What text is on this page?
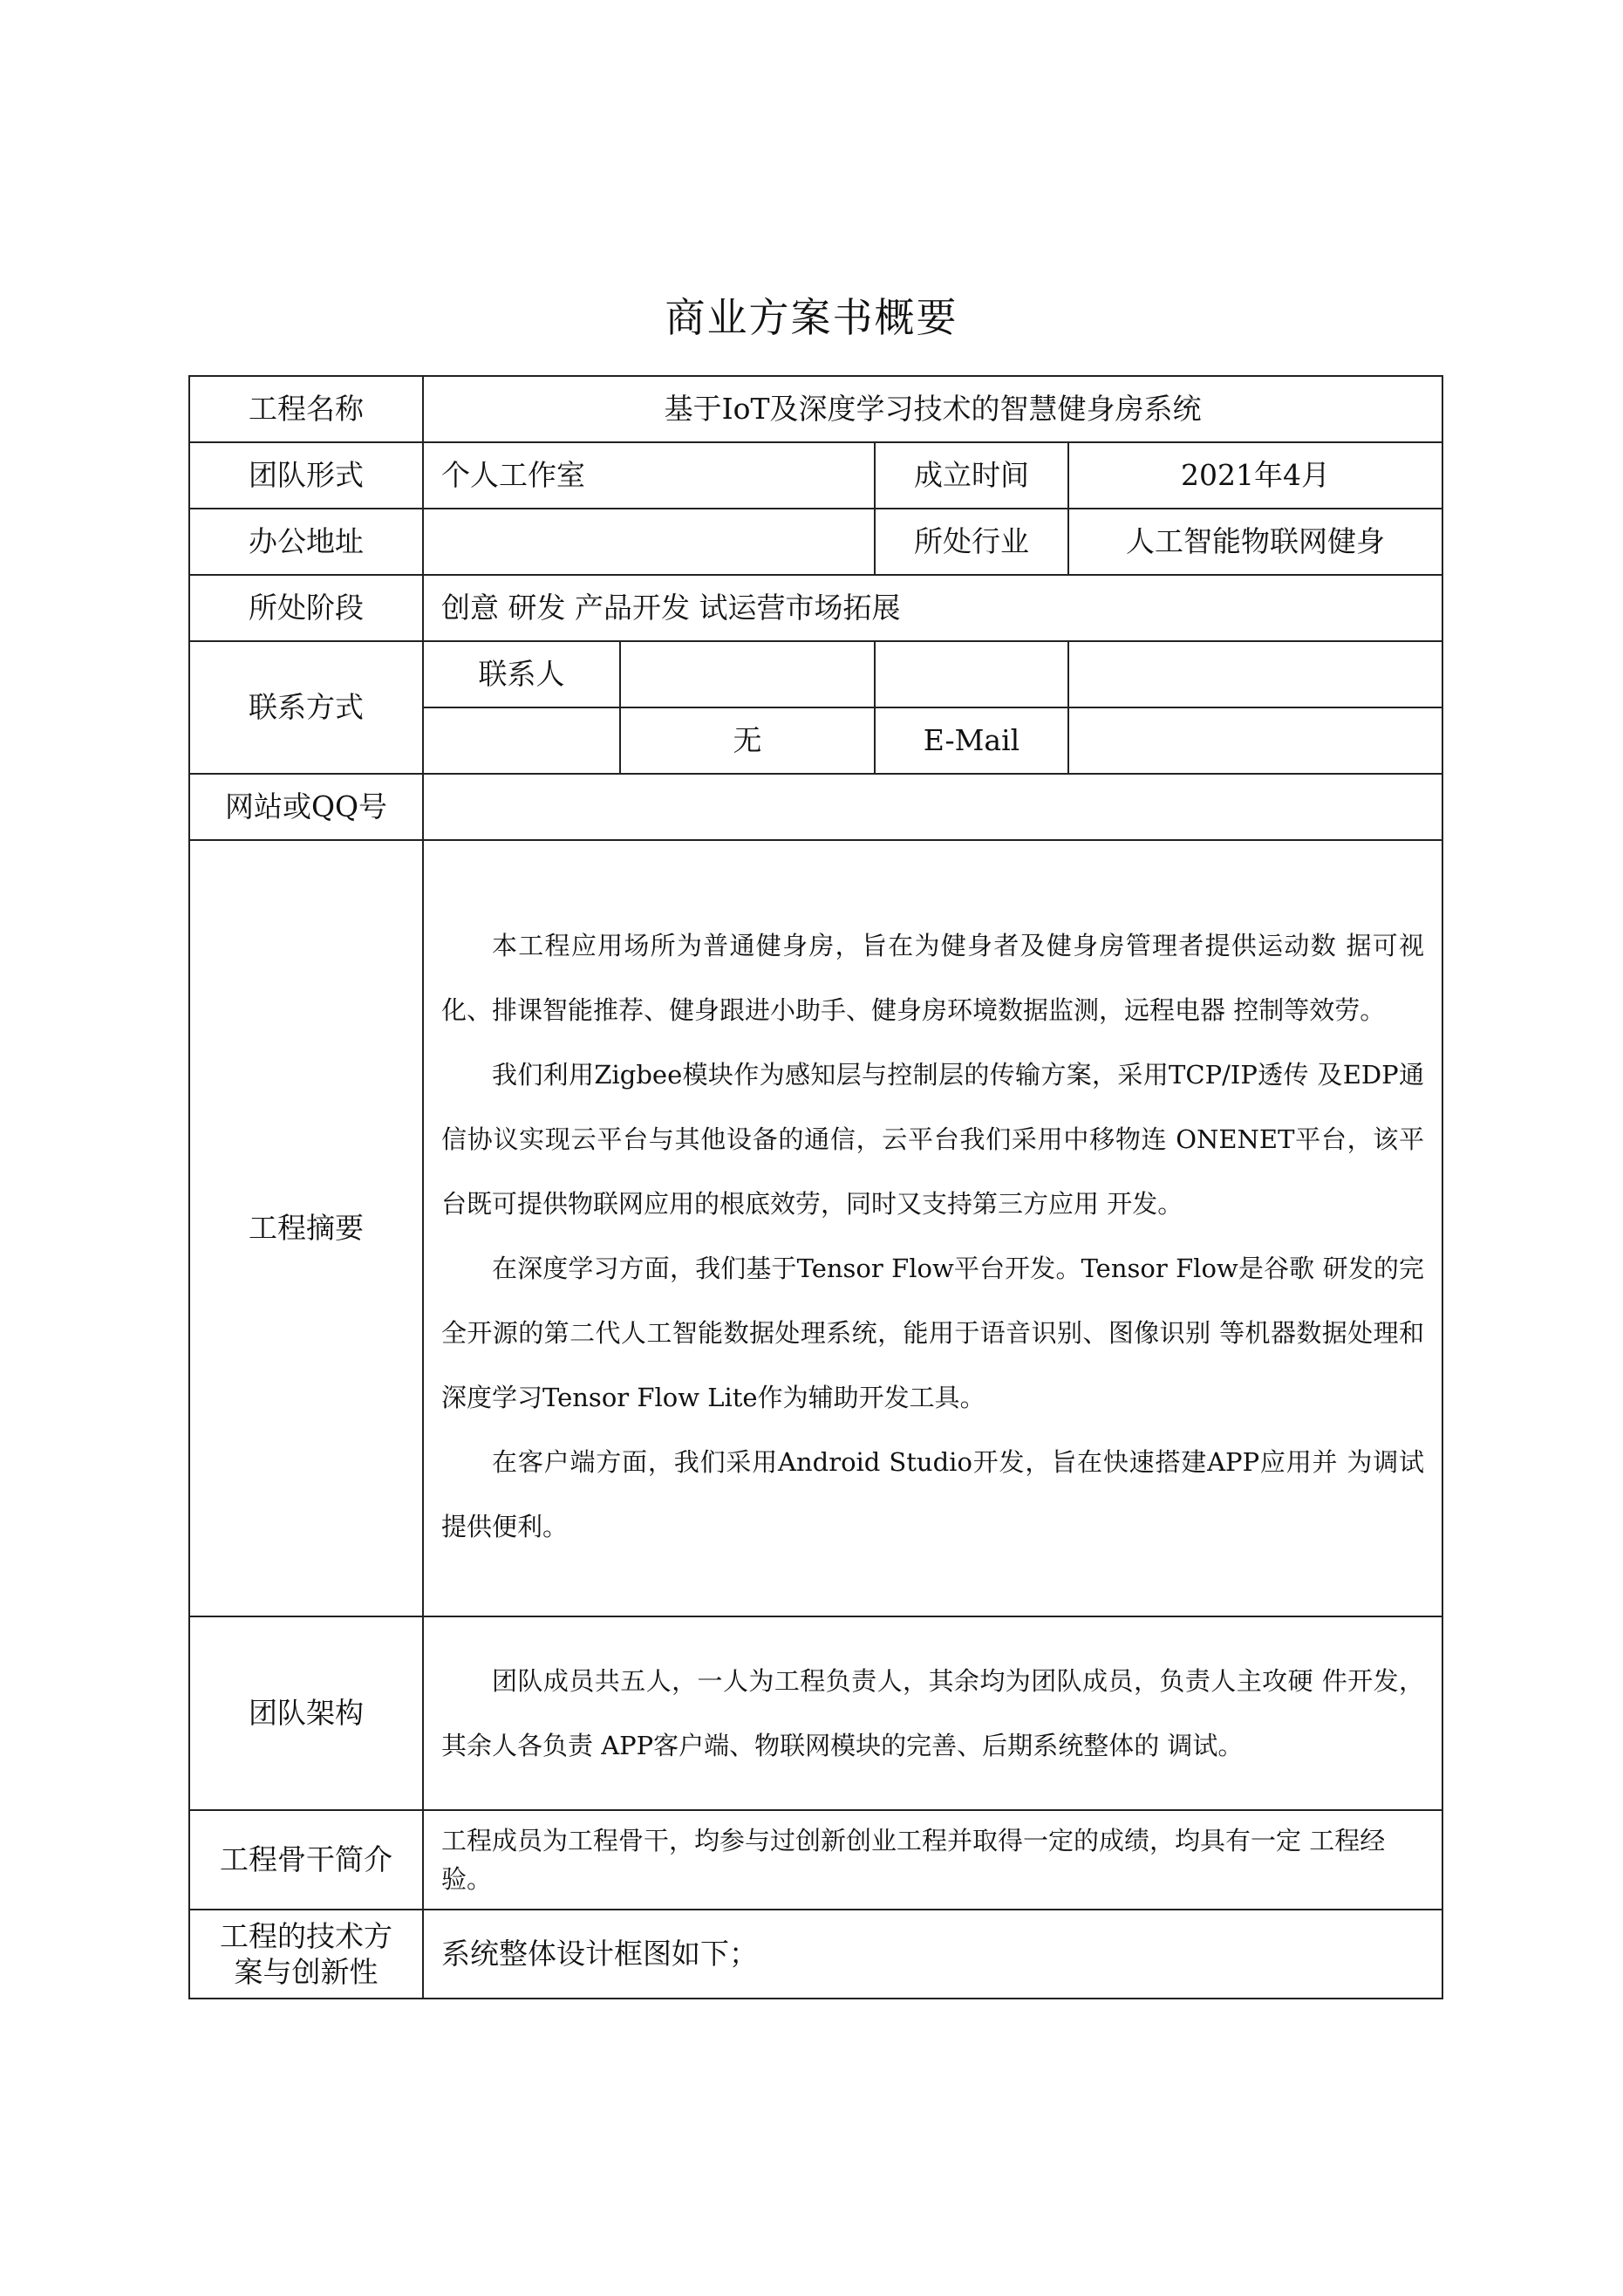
商业方案书概要
工程名称	基于IoT及深度学习技术的智慧健身房系统			
团队形式	个人工作室		成立时间	2021年4月
办公地址			所处行业	人工智能物联网健身
所处阶段	创意 研发 产品开发 试运营市场拓展			
联系方式	联系人			
		无	E-Mail	
网站或QQ号				
工程摘要	本工程应用场所为普通健身房，旨在为健身者及健身房管理者提供运动数 据可视化、排课智能推荐、健身跟进小助手、健身房环境数据监测，远程电器 控制等效劳。

我们利用Zigbee模块作为感知层与控制层的传输方案，采用TCP/IP透传 及EDP通信协议实现云平台与其他设备的通信，云平台我们采用中移物连 ONENET平台，该平台既可提供物联网应用的根底效劳，同时又支持第三方应用 开发。

在深度学习方面，我们基于Tensor Flow平台开发。Tensor Flow是谷歌 研发的完全开源的第二代人工智能数据处理系统，能用于语音识别、图像识别 等机器数据处理和深度学习Tensor Flow Lite作为辅助开发工具。

在客户端方面，我们采用Android Studio开发，旨在快速搭建APP应用并 为调试提供便利。			

团队架构	团队成员共五人，一人为工程负责人，其余均为团队成员，负责人主攻硬 件开发，其余人各负责 APP客户端、物联网模块的完善、后期系统整体的 调试。			

工程骨干简介	工程成员为工程骨干，均参与过创新创业工程并取得一定的成绩，均具有一定 工程经验。			

工程的技术方
案与创新性	系统整体设计框图如下；			
